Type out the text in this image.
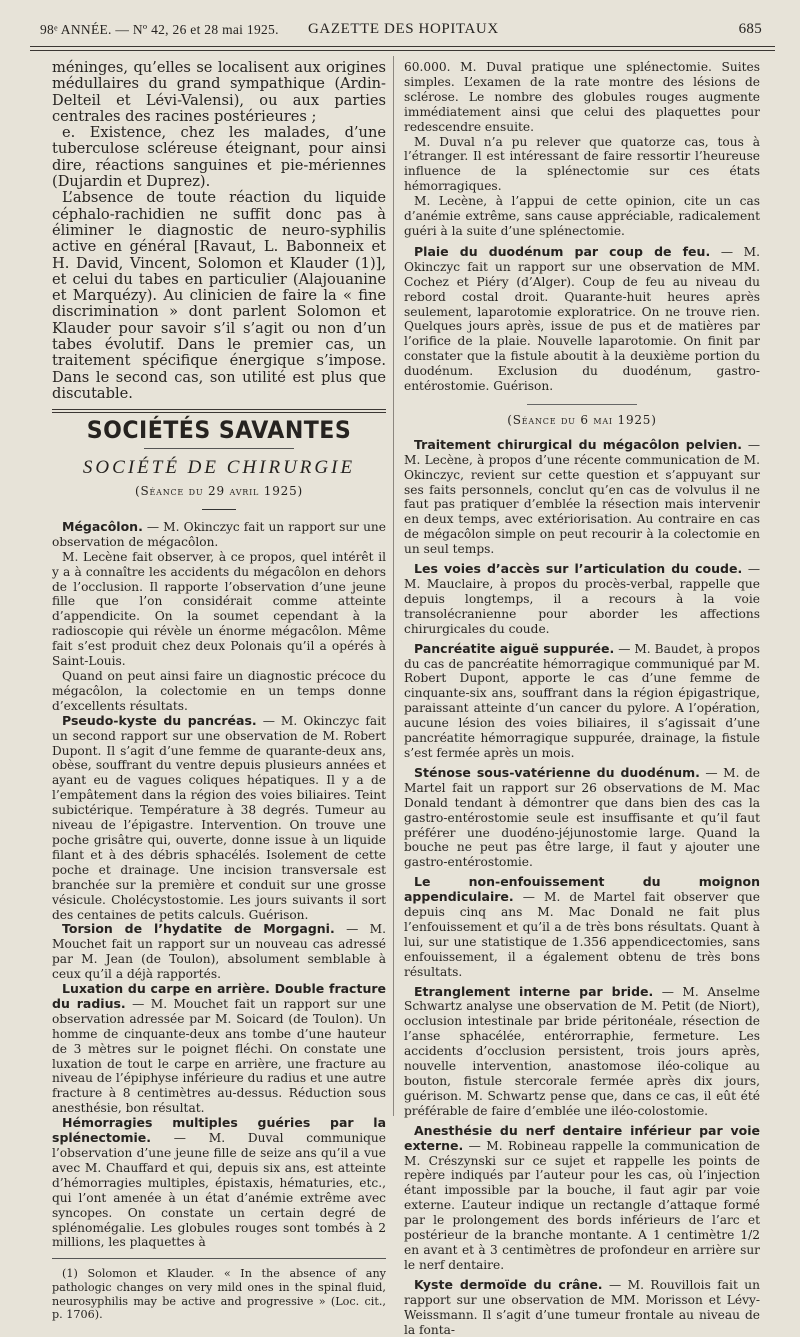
98ᵉ ANNÉE. — Nº 42, 26 et 28 mai 1925. GAZETTE DES HOPITAUX	685

méninges, qu’elles se localisent aux origines médullaires du grand sympathique (Ardin-Delteil et Lévi-Valensi), ou aux parties centrales des racines postérieures ;

e. Existence, chez les malades, d’une tuberculose scléreuse éteignant, pour ainsi dire, réactions sanguines et pie-mériennes (Dujardin et Duprez).

L’absence de toute réaction du liquide céphalo-rachidien ne suffit donc pas à éliminer le diagnostic de neuro-syphilis active en général [Ravaut, L. Babonneix et H. David, Vincent, Solomon et Klauder (1)], et celui du tabes en particulier (Alajouanine et Marquézy). Au clinicien de faire la « fine discrimination » dont parlent Solomon et Klauder pour savoir s’il s’agit ou non d’un tabes évolutif. Dans le premier cas, un traitement spécifique énergique s’impose. Dans le second cas, son utilité est plus que discutable.

SOCIÉTÉS SAVANTES
SOCIÉTÉ DE CHIRURGIE
(Séance du 29 avril 1925)

Mégacôlon. — M. Okinczyc fait un rapport sur une observation de mégacôlon.

M. Lecène fait observer, à ce propos, quel intérêt il y a à connaître les accidents du mégacôlon en dehors de l’occlusion. Il rapporte l’observation d’une jeune fille que l’on considérait comme atteinte d’appendicite. On la soumet cependant à la radioscopie qui révèle un énorme mégacôlon. Même fait s’est produit chez deux Polonais qu’il a opérés à Saint-Louis.

Quand on peut ainsi faire un diagnostic précoce du mégacôlon, la colectomie en un temps donne d’excellents résultats.

Pseudo-kyste du pancréas. — M. Okinczyc fait un second rapport sur une observation de M. Robert Dupont. Il s’agit d’une femme de quarante-deux ans, obèse, souffrant du ventre depuis plusieurs années et ayant eu de vagues coliques hépatiques. Il y a de l’empâtement dans la région des voies biliaires. Teint subictérique. Température à 38 degrés. Tumeur au niveau de l’épigastre. Intervention. On trouve une poche grisâtre qui, ouverte, donne issue à un liquide filant et à des débris sphacélés. Isolement de cette poche et drainage. Une incision transversale est branchée sur la première et conduit sur une grosse vésicule. Cholécystostomie. Les jours suivants il sort des centaines de petits calculs. Guérison.

Torsion de l’hydatite de Morgagni. — M. Mouchet fait un rapport sur un nouveau cas adressé par M. Jean (de Toulon), absolument semblable à ceux qu’il a déjà rapportés.

Luxation du carpe en arrière. Double fracture du radius. — M. Mouchet fait un rapport sur une observation adressée par M. Soicard (de Toulon). Un homme de cinquante-deux ans tombe d’une hauteur de 3 mètres sur le poignet fléchi. On constate une luxation de tout le carpe en arrière, une fracture au niveau de l’épiphyse inférieure du radius et une autre fracture à 8 centimètres au-dessus. Réduction sous anesthésie, bon résultat.

Hémorragies multiples guéries par la splénectomie. — M. Duval communique l’observation d’une jeune fille de seize ans qu’il a vue avec M. Chauffard et qui, depuis six ans, est atteinte d’hémorragies multiples, épistaxis, hématuries, etc., qui l’ont amenée à un état d’anémie extrême avec syncopes. On constate un certain degré de splénomégalie. Les globules rouges sont tombés à 2 millions, les plaquettes à

(1) Solomon et Klauder. « In the absence of any pathologic changes on very mild ones in the spinal fluid, neurosyphilis may be active and progressive » (Loc. cit., p. 1706).

60.000. M. Duval pratique une splénectomie. Suites simples. L’examen de la rate montre des lésions de sclérose. Le nombre des globules rouges augmente immédiatement ainsi que celui des plaquettes pour redescendre ensuite.

M. Duval n’a pu relever que quatorze cas, tous à l’étranger. Il est intéressant de faire ressortir l’heureuse influence de la splénectomie sur ces états hémorragiques.

M. Lecène, à l’appui de cette opinion, cite un cas d’anémie extrême, sans cause appréciable, radicalement guéri à la suite d’une splénectomie.

Plaie du duodénum par coup de feu. — M. Okinczyc fait un rapport sur une observation de MM. Cochez et Piéry (d’Alger). Coup de feu au niveau du rebord costal droit. Quarante-huit heures après seulement, laparotomie exploratrice. On ne trouve rien. Quelques jours après, issue de pus et de matières par l’orifice de la plaie. Nouvelle laparotomie. On finit par constater que la fistule aboutit à la deuxième portion du duodénum. Exclusion du duodénum, gastro-entérostomie. Guérison.

(Séance du 6 mai 1925)

Traitement chirurgical du mégacôlon pelvien. — M. Lecène, à propos d’une récente communication de M. Okinczyc, revient sur cette question et s’appuyant sur ses faits personnels, conclut qu’en cas de volvulus il ne faut pas pratiquer d’emblée la résection mais intervenir en deux temps, avec extériorisation. Au contraire en cas de mégacôlon simple on peut recourir à la colectomie en un seul temps.

Les voies d’accès sur l’articulation du coude. — M. Mauclaire, à propos du procès-verbal, rappelle que depuis longtemps, il a recours à la voie transolécranienne pour aborder les affections chirurgicales du coude.

Pancréatite aiguë suppurée. — M. Baudet, à propos du cas de pancréatite hémorragique communiqué par M. Robert Dupont, apporte le cas d’une femme de cinquante-six ans, souffrant dans la région épigastrique, paraissant atteinte d’un cancer du pylore. A l’opération, aucune lésion des voies biliaires, il s’agissait d’une pancréatite hémorragique suppurée, drainage, la fistule s’est fermée après un mois.

Sténose sous-vatérienne du duodénum. — M. de Martel fait un rapport sur 26 observations de M. Mac Donald tendant à démontrer que dans bien des cas la gastro-entérostomie seule est insuffisante et qu’il faut préférer une duodéno-jéjunostomie large. Quand la bouche ne peut pas être large, il faut y ajouter une gastro-entérostomie.

Le non-enfouissement du moignon appendiculaire. — M. de Martel fait observer que depuis cinq ans M. Mac Donald ne fait plus l’enfouissement et qu’il a de très bons résultats. Quant à lui, sur une statistique de 1.356 appendicectomies, sans enfouissement, il a également obtenu de très bons résultats.

Etranglement interne par bride. — M. Anselme Schwartz analyse une observation de M. Petit (de Niort), occlusion intestinale par bride péritonéale, résection de l’anse sphacélée, entérorraphie, fermeture. Les accidents d’occlusion persistent, trois jours après, nouvelle intervention, anastomose iléo-colique au bouton, fistule stercorale fermée après dix jours, guérison. M. Schwartz pense que, dans ce cas, il eût été préférable de faire d’emblée une iléo-colostomie.

Anesthésie du nerf dentaire inférieur par voie externe. — M. Robineau rappelle la communication de M. Crészynski sur ce sujet et rappelle les points de repère indiqués par l’auteur pour les cas, où l’injection étant impossible par la bouche, il faut agir par voie externe. L’auteur indique un rectangle d’attaque formé par le prolongement des bords inférieurs de l’arc et postérieur de la branche montante. A 1 centimètre 1/2 en avant et à 3 centimètres de profondeur en arrière sur le nerf dentaire.

Kyste dermoïde du crâne. — M. Rouvillois fait un rapport sur une observation de MM. Morisson et Lévy-Weissmann. Il s’agit d’une tumeur frontale au niveau de la fonta-
